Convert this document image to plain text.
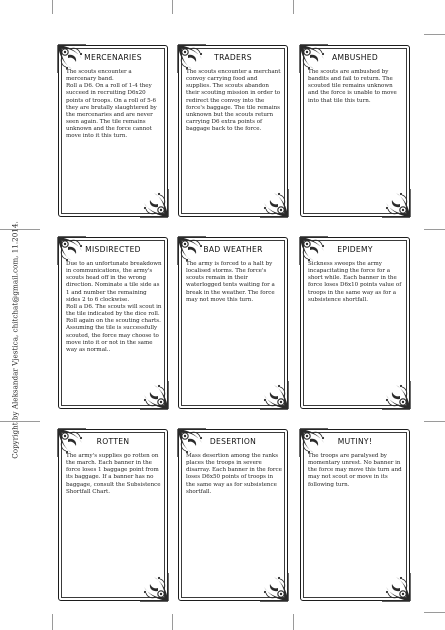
Copyright by Aleksandar Vjestica, chitchat@gmail.com, 11.2014.
MERCENARIES
The scouts encounter a mercenary band.
Roll a D6. On a roll of 1-4 they succeed in recruiting D6x20 points of troops. On a roll of 5-6 they are brutally slaughtered by the mercenaries and are never seen again. The tile remains unknown and the force cannot move into it this turn.
TRADERS
The scouts encounter a merchant convoy carrying food and supplies. The scouts abandon their scouting mission in order to redirect the convoy into the force's baggage. The tile remains unknown but the scouts return carrying D6 extra points of baggage back to the force.
AMBUSHED
The scouts are ambushed by bandits and fail to return. The scouted tile remains unknown and the force is unable to move into that tile this turn.
MISDIRECTED
Due to an unfortunate breakdown in communications, the army's scouts head off in the wrong direction. Nominate a tile side as 1 and number the remaining sides 2 to 6 clockwise.
Roll a D6. The scouts will scout in the tile indicated by the dice roll. Roll again on the scouting charts. Assuming the tile is successfully scouted, the force may choose to move into it or not in the same way as normal..
BAD WEATHER
The army is forced to a halt by localised storms. The force's scouts remain in their waterlogged tents waiting for a break in the weather. The force may not move this turn.
EPIDEMY
Sickness sweeps the army incapacitating the force for a short while. Each banner in the force loses D6x10 points value of troops in the same way as for a subsistence shortfall.
ROTTEN
The army's supplies go rotten on the march. Each banner in the force loses 1 baggage point from its baggage. If a banner has no baggage, consult the Subsistence Shortfall Chart.
DESERTION
Mass desertion among the ranks places the troops in severe disarray. Each banner in the force loses D6x50 points of troops in the same way as for subsistence shortfall.
MUTINY!
The troops are paralysed by momentary unrest. No banner in the force may move this turn and may not scout or move in its following turn.
